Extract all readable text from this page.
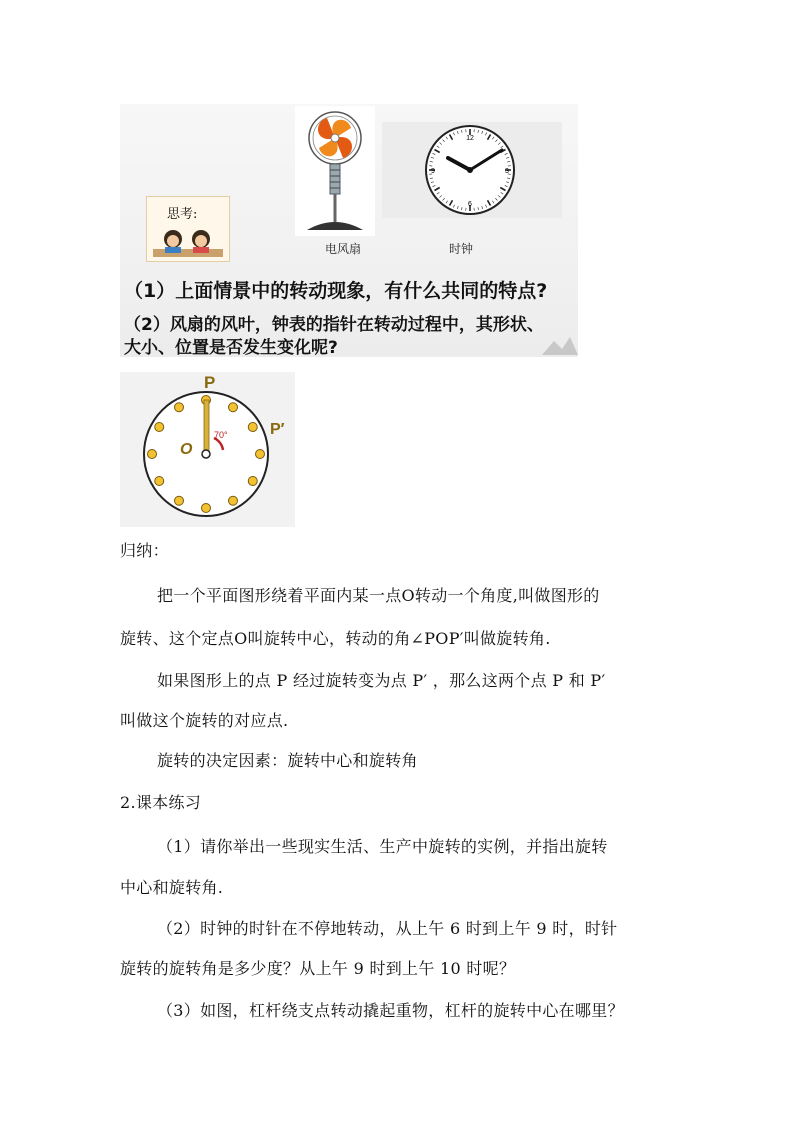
12
3
6
9
思考:
电风扇	时钟
（1）上面情景中的转动现象，有什么共同的特点?
（2）风扇的风叶，钟表的指针在转动过程中，其形状、
大小、位置是否发生变化呢?
P
P′
O
70°
归纳：
把一个平面图形绕着平面内某一点O转动一个角度,叫做图形的
旋转、这个定点O叫旋转中心，转动的角∠POP′叫做旋转角.
如果图形上的点 P 经过旋转变为点 P′ ，那么这两个点 P 和 P′
叫做这个旋转的对应点.
旋转的决定因素：旋转中心和旋转角
2.课本练习
（1）请你举出一些现实生活、生产中旋转的实例，并指出旋转
中心和旋转角.
（2）时钟的时针在不停地转动，从上午 6 时到上午 9 时，时针
旋转的旋转角是多少度？从上午 9 时到上午 10 时呢？
（3）如图，杠杆绕支点转动撬起重物，杠杆的旋转中心在哪里？
